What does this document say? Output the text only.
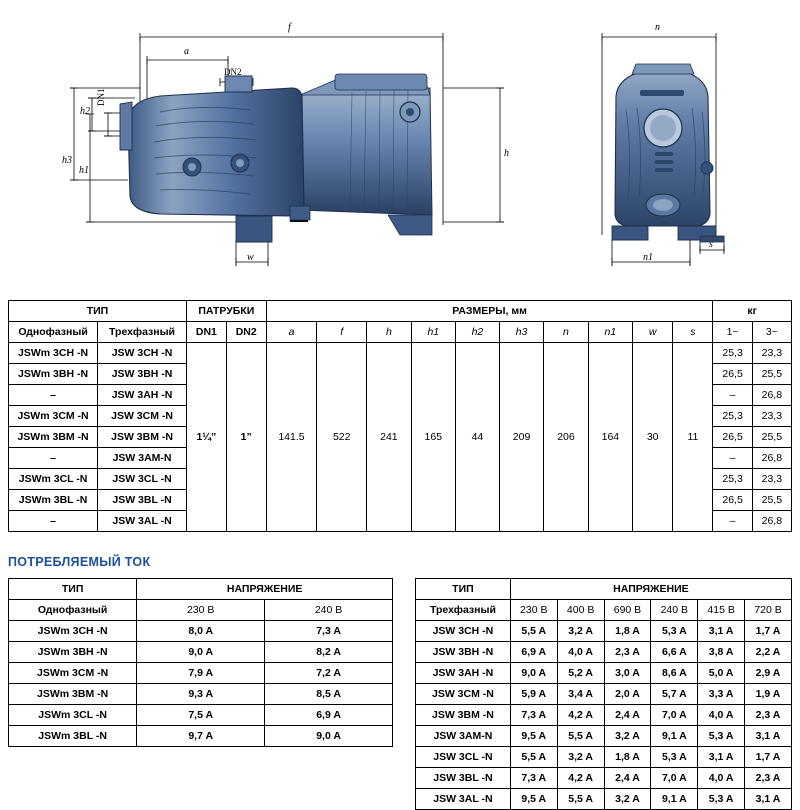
f
a
DN2
DN1
h2
h3
h1
h
w
n
n1
s
ТИП		ПАТРУБКИ		РАЗМЕРЫ, мм										кг	
Однофазный	Трехфазный	DN1	DN2	a	f	h	h1	h2	h3	n	n1	w	s	1~	3~
JSWm 3CH -N	JSW 3CH -N	1¼”	1”	141.5	522	241	165	44	209	206	164	30	11	25,3	23,3
JSWm 3BH -N	JSW 3BH -N													26,5	25,5
–	JSW 3AH -N													–	26,8
JSWm 3CM -N	JSW 3CM -N													25,3	23,3
JSWm 3BM -N	JSW 3BM -N													26,5	25,5
–	JSW 3AM-N													–	26,8
JSWm 3CL -N	JSW 3CL -N													25,3	23,3
JSWm 3BL -N	JSW 3BL -N													26,5	25,5
–	JSW 3AL -N													–	26,8
ПОТРЕБЛЯЕМЫЙ ТОК
ТИП	НАПРЯЖЕНИЕ	
Однофазный	230 В	240 В
JSWm 3CH -N	8,0 A	7,3 A
JSWm 3BH -N	9,0 A	8,2 A
JSWm 3CM -N	7,9 A	7,2 A
JSWm 3BM -N	9,3 A	8,5 A
JSWm 3CL -N	7,5 A	6,9 A
JSWm 3BL -N	9,7 A	9,0 A
ТИП	НАПРЯЖЕНИЕ					
Трехфазный	230 В	400 В	690 В	240 В	415 В	720 В
JSW 3CH -N	5,5 A	3,2 A	1,8 A	5,3 A	3,1 A	1,7 A
JSW 3BH -N	6,9 A	4,0 A	2,3 A	6,6 A	3,8 A	2,2 A
JSW 3AH -N	9,0 A	5,2 A	3,0 A	8,6 A	5,0 A	2,9 A
JSW 3CM -N	5,9 A	3,4 A	2,0 A	5,7 A	3,3 A	1,9 A
JSW 3BM -N	7,3 A	4,2 A	2,4 A	7,0 A	4,0 A	2,3 A
JSW 3AM-N	9,5 A	5,5 A	3,2 A	9,1 A	5,3 A	3,1 A
JSW 3CL -N	5,5 A	3,2 A	1,8 A	5,3 A	3,1 A	1,7 A
JSW 3BL -N	7,3 A	4,2 A	2,4 A	7,0 A	4,0 A	2,3 A
JSW 3AL -N	9,5 A	5,5 A	3,2 A	9,1 A	5,3 A	3,1 A
